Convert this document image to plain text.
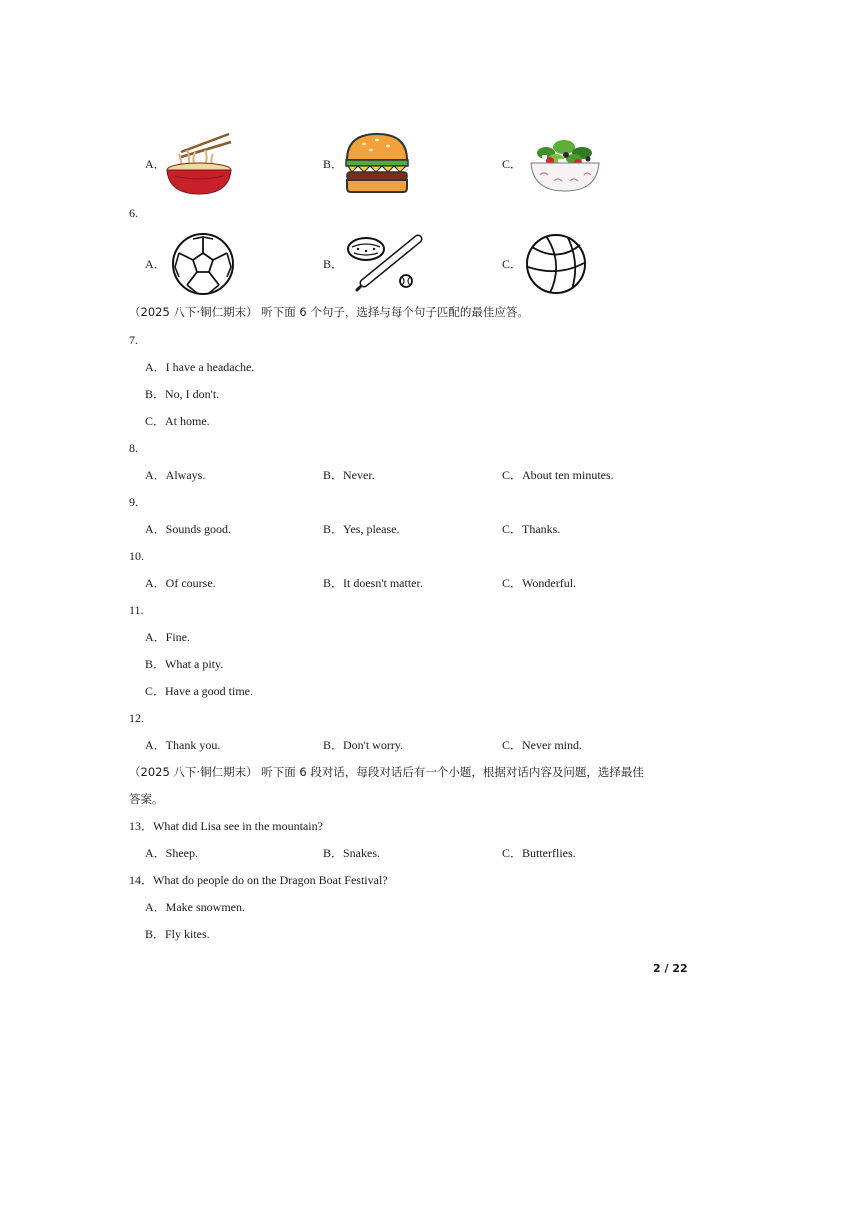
A．	B．	C．
6.
A．	B．	C．
（2025 八下·铜仁期末） 听下面 6 个句子，选择与每个句子匹配的最佳应答。
7.
A．I have a headache.
B．No, I don't.
C．At home.
8.
A．Always.	B．Never.	C．About ten minutes.
9.
A．Sounds good.	B．Yes, please.	C．Thanks.
10.
A．Of course.	B．It doesn't matter.	C．Wonderful.
11.
A．Fine.
B．What a pity.
C．Have a good time.
12.
A．Thank you.	B．Don't worry.	C．Never mind.
（2025 八下·铜仁期末） 听下面 6 段对话，每段对话后有一个小题，根据对话内容及问题，选择最佳
答案。
13．What did Lisa see in the mountain?
A．Sheep.	B．Snakes.	C．Butterflies.
14．What do people do on the Dragon Boat Festival?
A．Make snowmen.
B．Fly kites.
2 / 22
